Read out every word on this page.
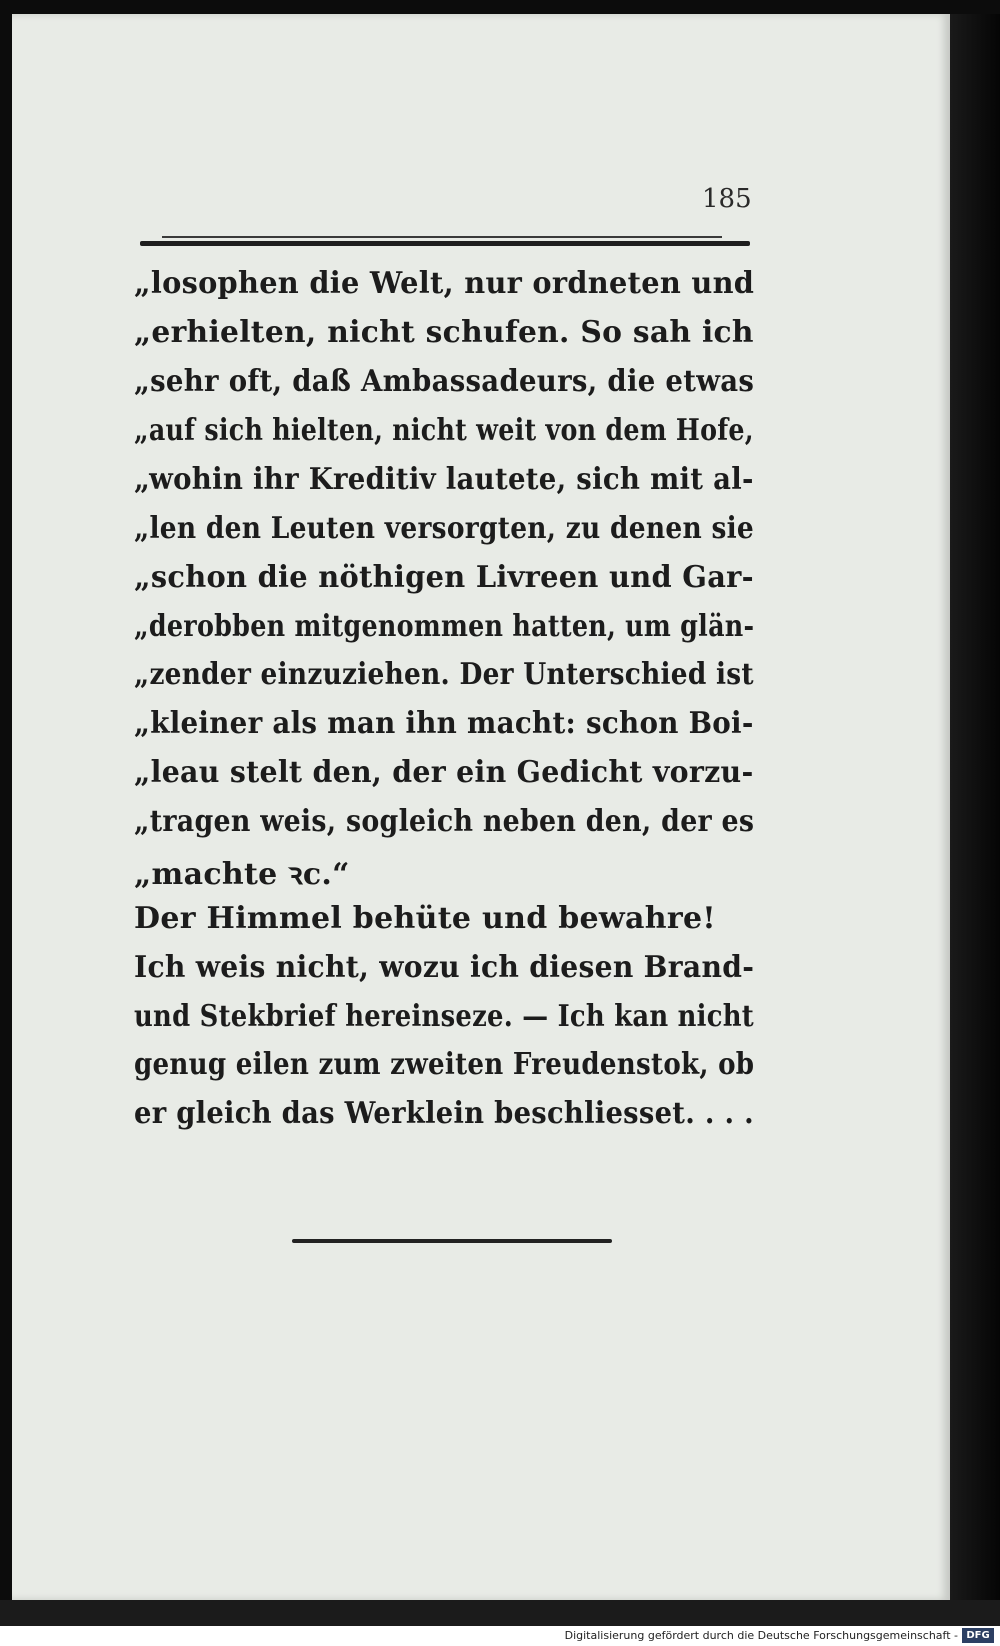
185
„losophen die Welt, nur ordneten und
„erhielten, nicht schufen. So sah ich
„sehr oft, daß Ambassadeurs, die etwas
„auf sich hielten, nicht weit von dem Hofe,
„wohin ihr Kreditiv lautete, sich mit al-
„len den Leuten versorgten, zu denen sie
„schon die nöthigen Livreen und Gar-
„derobben mitgenommen hatten, um glän-
„zender einzuziehen. Der Unterschied ist
„kleiner als man ihn macht: schon Boi-
„leau stelt den, der ein Gedicht vorzu-
„tragen weis, sogleich neben den, der es
„machte ꝛc.“
Der Himmel behüte und bewahre!
Ich weis nicht, wozu ich diesen Brand-
und Stekbrief hereinseze. — Ich kan nicht
genug eilen zum zweiten Freudenstok, ob
er gleich das Werklein beschliesset. . . .
Digitalisierung gefördert durch die Deutsche Forschungsgemeinschaft - DFG
